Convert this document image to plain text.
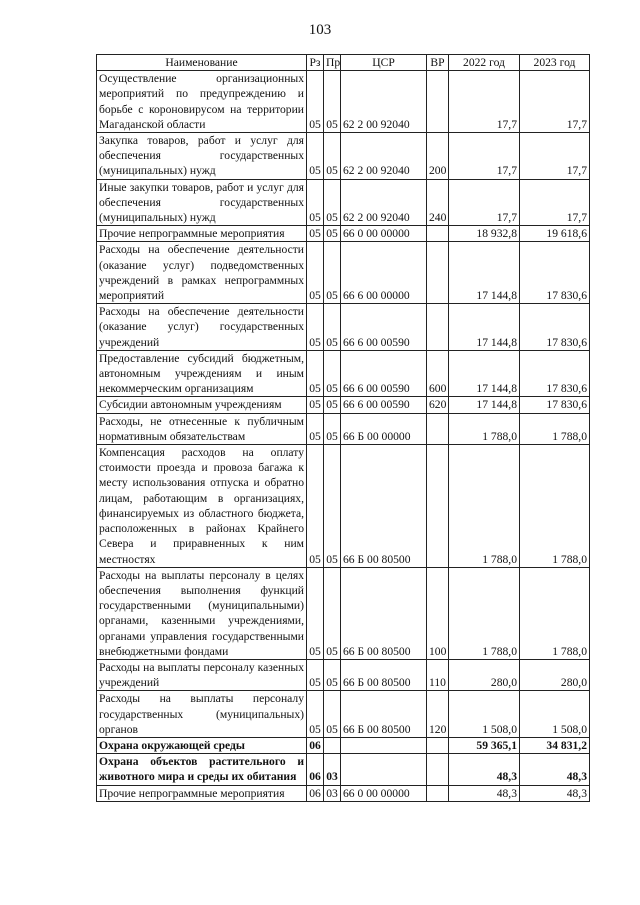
103
Наименование	Рз	Пр	ЦСР	ВР	2022 год	2023 год
Осуществление организационных мероприятий по предупреждению и борьбе с короновирусом на территории Магаданской области	05	05	62 2 00 92040		17,7	17,7
Закупка товаров, работ и услуг для обеспечения государственных (муниципальных) нужд	05	05	62 2 00 92040	200	17,7	17,7
Иные закупки товаров, работ и услуг для обеспечения государственных (муниципальных) нужд	05	05	62 2 00 92040	240	17,7	17,7
Прочие непрограммные мероприятия	05	05	66 0 00 00000		18 932,8	19 618,6
Расходы на обеспечение деятельности (оказание услуг) подведомственных учреждений в рамках непрограммных мероприятий	05	05	66 6 00 00000		17 144,8	17 830,6
Расходы на обеспечение деятельности (оказание услуг) государственных учреждений	05	05	66 6 00 00590		17 144,8	17 830,6
Предоставление субсидий бюджетным, автономным учреждениям и иным некоммерческим организациям	05	05	66 6 00 00590	600	17 144,8	17 830,6
Субсидии автономным учреждениям	05	05	66 6 00 00590	620	17 144,8	17 830,6
Расходы, не отнесенные к публичным нормативным обязательствам	05	05	66 Б 00 00000		1 788,0	1 788,0
Компенсация расходов на оплату стоимости проезда и провоза багажа к месту использования отпуска и обратно лицам, работающим в организациях, финансируемых из областного бюджета, расположенных в районах Крайнего Севера и приравненных к ним местностях	05	05	66 Б 00 80500		1 788,0	1 788,0
Расходы на выплаты персоналу в целях обеспечения выполнения функций государственными (муниципальными) органами, казенными учреждениями, органами управления государственными внебюджетными фондами	05	05	66 Б 00 80500	100	1 788,0	1 788,0
Расходы на выплаты персоналу казенных учреждений	05	05	66 Б 00 80500	110	280,0	280,0
Расходы на выплаты персоналу государственных (муниципальных) органов	05	05	66 Б 00 80500	120	1 508,0	1 508,0
Охрана окружающей среды	06				59 365,1	34 831,2
Охрана объектов растительного и животного мира и среды их обитания	06	03			48,3	48,3
Прочие непрограммные мероприятия	06	03	66 0 00 00000		48,3	48,3
